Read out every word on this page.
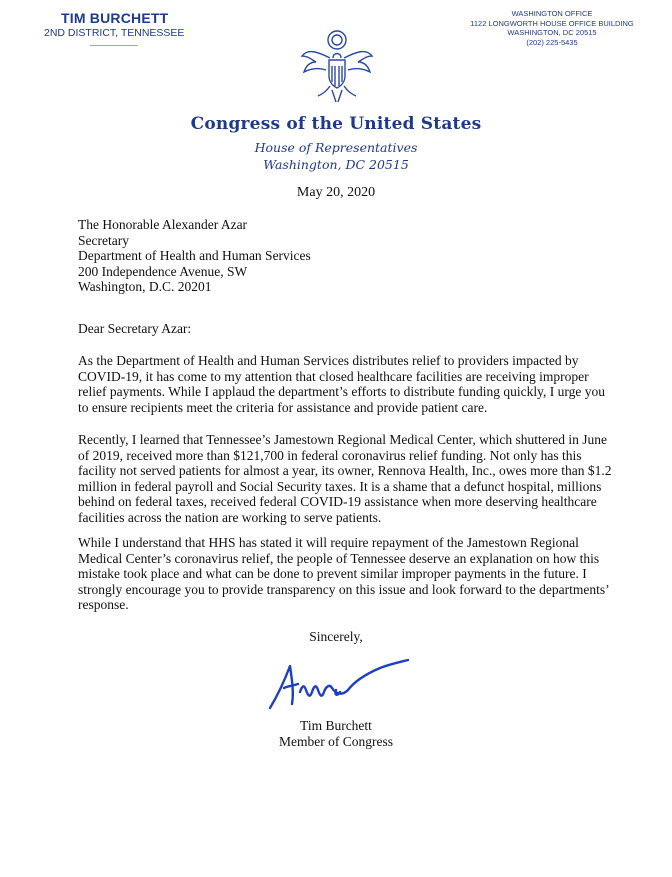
TIM BURCHETT
2ND DISTRICT, TENNESSEE
WASHINGTON OFFICE
1122 LONGWORTH HOUSE OFFICE BUILDING
WASHINGTON, DC 20515
(202) 225-5435
Congress of the United States
House of Representatives
Washington, DC 20515
May 20, 2020
The Honorable Alexander Azar
Secretary
Department of Health and Human Services
200 Independence Avenue, SW
Washington, D.C. 20201
Dear Secretary Azar:
As the Department of Health and Human Services distributes relief to providers impacted by COVID-19, it has come to my attention that closed healthcare facilities are receiving improper relief payments. While I applaud the department’s efforts to distribute funding quickly, I urge you to ensure recipients meet the criteria for assistance and provide patient care.
Recently, I learned that Tennessee’s Jamestown Regional Medical Center, which shuttered in June of 2019, received more than $121,700 in federal coronavirus relief funding. Not only has this facility not served patients for almost a year, its owner, Rennova Health, Inc., owes more than $1.2 million in federal payroll and Social Security taxes. It is a shame that a defunct hospital, millions behind on federal taxes, received federal COVID-19 assistance when more deserving healthcare facilities across the nation are working to serve patients.
While I understand that HHS has stated it will require repayment of the Jamestown Regional Medical Center’s coronavirus relief, the people of Tennessee deserve an explanation on how this mistake took place and what can be done to prevent similar improper payments in the future. I strongly encourage you to provide transparency on this issue and look forward to the departments’ response.
Sincerely,
Tim Burchett
Member of Congress
